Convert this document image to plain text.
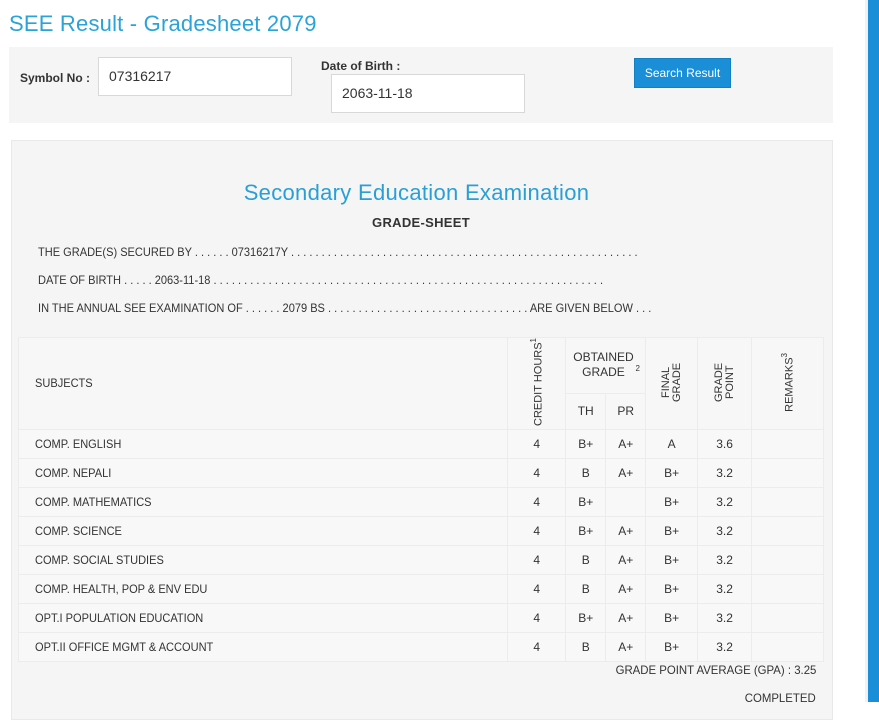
SEE Result - Gradesheet 2079
Symbol No :	07316217
Date of Birth :
2063-11-18
Search Result
Secondary Education Examination
GRADE-SHEET
THE GRADE(S) SECURED BY . . . . . . 07316217Y . . . . . . . . . . . . . . . . . . . . . . . . . . . . . . . . . . . . . . . . . . . . . . . . . . . . . . . . .
DATE OF BIRTH . . . . . 2063-11-18 . . . . . . . . . . . . . . . . . . . . . . . . . . . . . . . . . . . . . . . . . . . . . . . . . . . . . . . . . . . . . . . .
IN THE ANNUAL SEE EXAMINATION OF . . . . . . 2079 BS . . . . . . . . . . . . . . . . . . . . . . . . . . . . . . . . . ARE GIVEN BELOW . . .
SUBJECTS	CREDIT HOURS$^1$	OBTAINED GRADE $^2$		FINAL GRADE	GRADE POINT	REMARKS$^3$
		TH	PR			
COMP. ENGLISH	4	B+	A+	A	3.6	
COMP. NEPALI	4	B	A+	B+	3.2	
COMP. MATHEMATICS	4	B+		B+	3.2	
COMP. SCIENCE	4	B+	A+	B+	3.2	
COMP. SOCIAL STUDIES	4	B	A+	B+	3.2	
COMP. HEALTH, POP & ENV EDU	4	B	A+	B+	3.2	
OPT.I POPULATION EDUCATION	4	B+	A+	B+	3.2	
OPT.II OFFICE MGMT & ACCOUNT	4	B	A+	B+	3.2	
GRADE POINT AVERAGE (GPA) : 3.25
COMPLETED
